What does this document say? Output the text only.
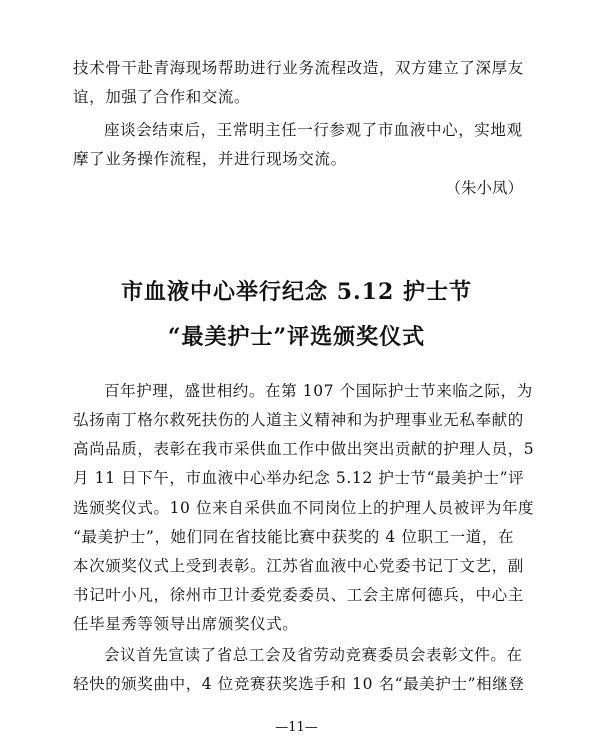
技术骨干赴青海现场帮助进行业务流程改造，双方建立了深厚友
谊，加强了合作和交流。
座谈会结束后，王常明主任一行参观了市血液中心，实地观
摩了业务操作流程，并进行现场交流。
（朱小凤）
市血液中心举行纪念 5.12 护士节
“最美护士”评选颁奖仪式
百年护理，盛世相约。在第 107 个国际护士节来临之际，为
弘扬南丁格尔救死扶伤的人道主义精神和为护理事业无私奉献的
高尚品质，表彰在我市采供血工作中做出突出贡献的护理人员，5
月 11 日下午，市血液中心举办纪念 5.12 护士节“最美护士”评
选颁奖仪式。10 位来自采供血不同岗位上的护理人员被评为年度
“最美护士”，她们同在省技能比赛中获奖的 4 位职工一道，在
本次颁奖仪式上受到表彰。江苏省血液中心党委书记丁文艺，副
书记叶小凡，徐州市卫计委党委委员、工会主席何德兵，中心主
任毕星秀等领导出席颁奖仪式。
会议首先宣读了省总工会及省劳动竞赛委员会表彰文件。在
轻快的颁奖曲中，4 位竞赛获奖选手和 10 名“最美护士”相继登
—11—
